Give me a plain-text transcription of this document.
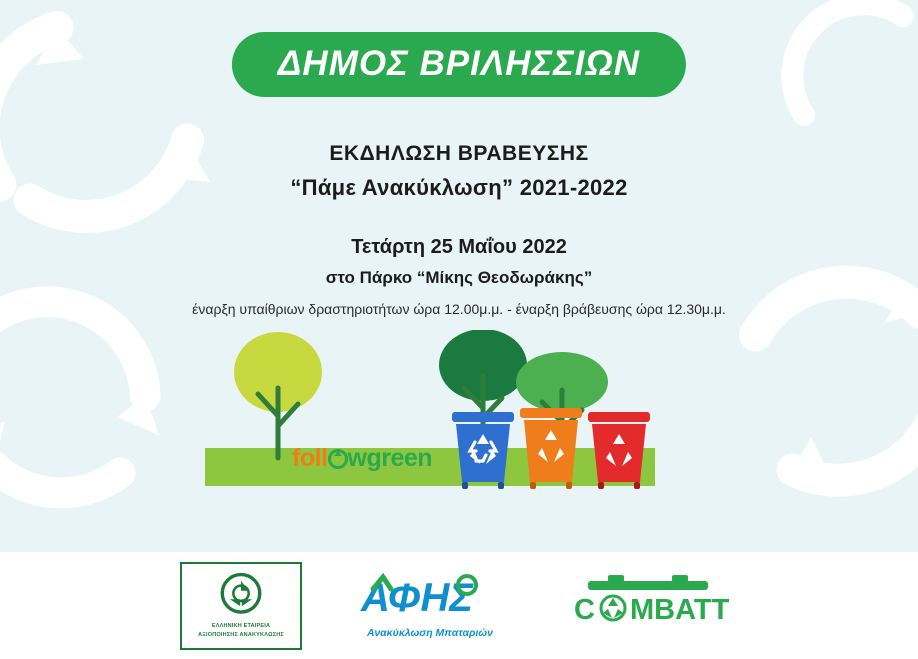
ΔΗΜΟΣ ΒΡΙΛΗΣΣΙΩΝ
ΕΚΔΗΛΩΣΗ ΒΡΑΒΕΥΣΗΣ
“Πάμε Ανακύκλωση” 2021-2022
Τετάρτη 25 Μαΐου 2022
στο Πάρκο “Μίκης Θεοδωράκης”
έναρξη υπαίθριων δραστηριοτήτων ώρα 12.00μ.μ. - έναρξη βράβευσης ώρα 12.30μ.μ.
foll wgreen
ΕΛΛΗΝΙΚΗ ΕΤΑΙΡΕΙΑ
ΑΞΙΟΠΟΙΗΣΗΣ ΑΝΑΚΥΚΛΩΣΗΣ
ΑΦΗΣ
Ανακύκλωση Μπαταριών
C MBATT
